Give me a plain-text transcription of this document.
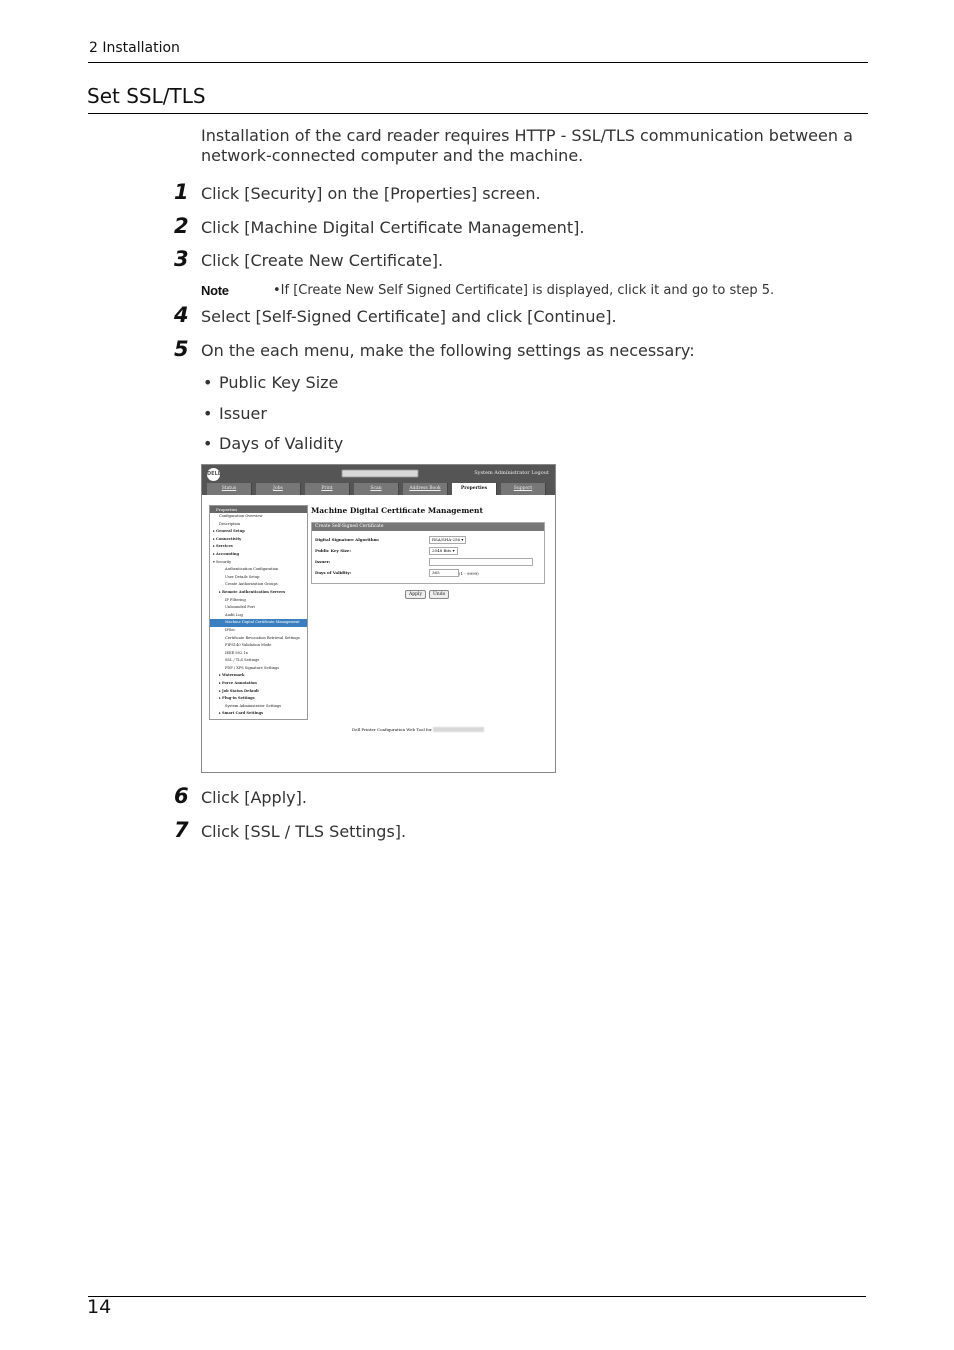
2 Installation
Set SSL/TLS
Installation of the card reader requires HTTP - SSL/TLS communication between a network-connected computer and the machine.
1 Click [Security] on the [Properties] screen.
2 Click [Machine Digital Certificate Management].
3 Click [Create New Certificate].
Note	•If [Create New Self Signed Certificate] is displayed, click it and go to step 5.
4 Select [Self-Signed Certificate] and click [Continue].
5 On the each menu, make the following settings as necessary:
• Public Key Size
• Issuer
• Days of Validity
DELL	Dell C7765dn Color MFP	System Administrator Logout
Status	Jobs	Print	Scan	Address Book	Properties	Support
Properties
Configuration Overview
Description
▸ General Setup
▸ Connectivity
▸ Services
▸ Accounting
▾ Security
Authentication Configuration
User Details Setup
Create Authorization Groups
▸ Remote Authentication Servers
IP Filtering
Unbounded Port
Audit Log
Machine Digital Certificate Management
IPSec
Certificate Revocation Retrieval Settings
FIPS140 Validation Mode
IEEE 802.1x
SSL / TLS Settings
PDF / XPS Signature Settings
▸ Watermark
▸ Force Annotation
▸ Job Status Default
▸ Plug-in Settings
System Administrator Settings
▸ Smart Card Settings
Machine Digital Certificate Management
Create Self-Signed Certificate
Digital Signature Algorithm:	RSA/SHA-256 ▾
Public Key Size:	2048 Bits ▾
Issuer:
Days of Validity:	365	(1 - 9999)
Apply	Undo
Dell Printer Configuration Web Tool for Dell C7765dn Color MFP
6 Click [Apply].
7 Click [SSL / TLS Settings].
14
